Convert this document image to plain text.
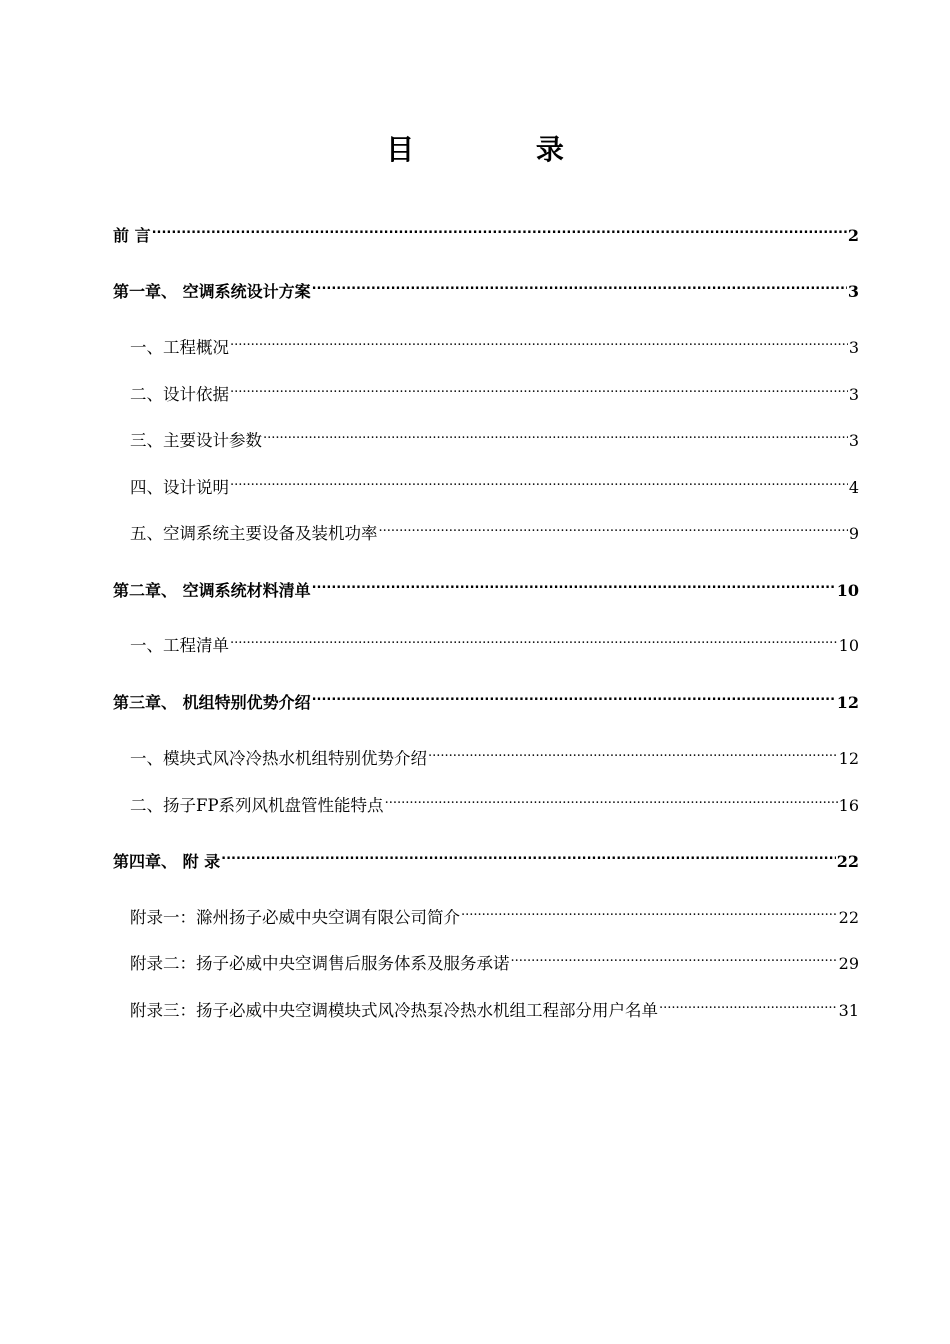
目 录
前 言 .....	2
第一章、 空调系统设计方案 .....	3
一、工程概况 .....	3
二、设计依据 .....	3
三、主要设计参数 .....	3
四、设计说明 .....	4
五、空调系统主要设备及装机功率 .....	9
第二章、 空调系统材料清单 .....	10
一、工程清单 .....	10
第三章、 机组特别优势介绍 .....	12
一、模块式风冷冷热水机组特别优势介绍 .....	12
二、扬子FP系列风机盘管性能特点 .....	16
第四章、 附 录 .....	22
附录一：滁州扬子必威中央空调有限公司简介 .....	22
附录二：扬子必威中央空调售后服务体系及服务承诺 .....	29
附录三：扬子必威中央空调模块式风冷热泵冷热水机组工程部分用户名单 .....	31
